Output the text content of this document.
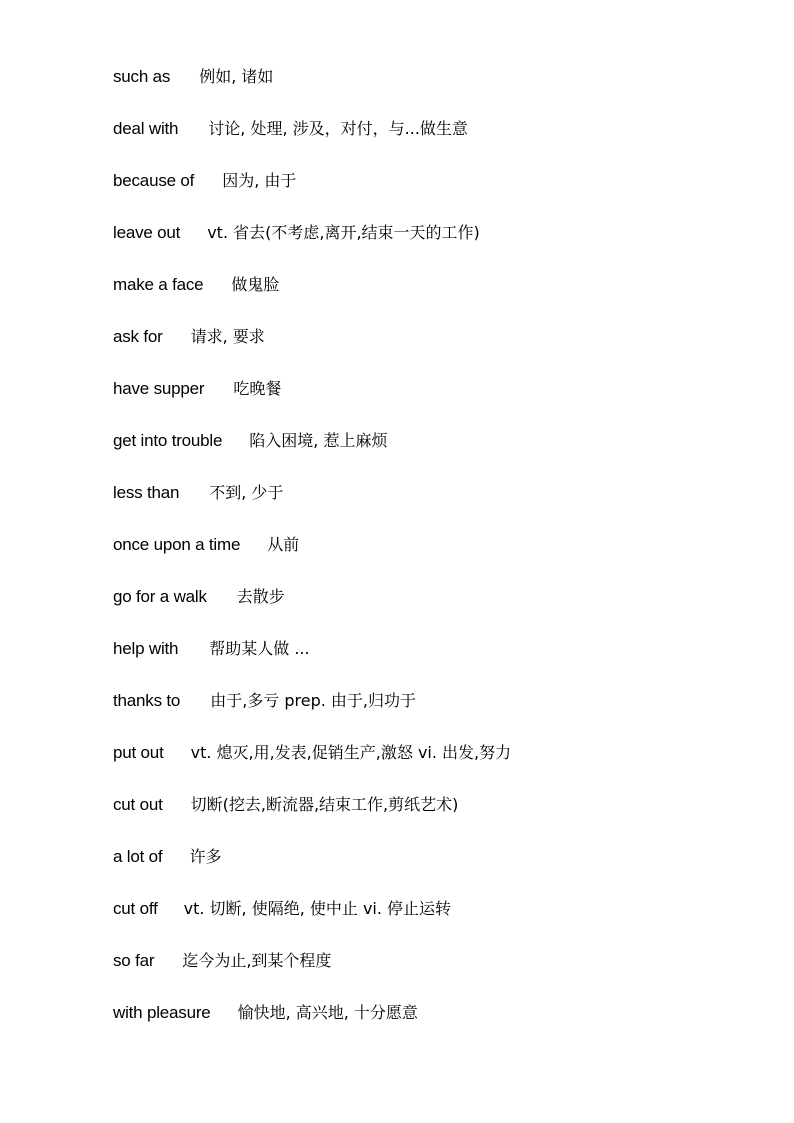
such as 例如, 诸如
deal with 讨论, 处理, 涉及，对付，与...做生意
because of 因为, 由于
leave out vt. 省去(不考虑,离开,结束一天的工作)
make a face 做鬼脸
ask for 请求, 要求
have supper 吃晚餐
get into trouble 陷入困境, 惹上麻烦
less than 不到, 少于
once upon a time 从前
go for a walk 去散步
help with 帮助某人做 ...
thanks to 由于,多亏 prep. 由于,归功于
put out vt. 熄灭,用,发表,促销生产,激怒 vi. 出发,努力
cut out 切断(挖去,断流器,结束工作,剪纸艺术)
a lot of 许多
cut off vt. 切断, 使隔绝, 使中止 vi. 停止运转
so far 迄今为止,到某个程度
with pleasure 愉快地, 高兴地, 十分愿意
